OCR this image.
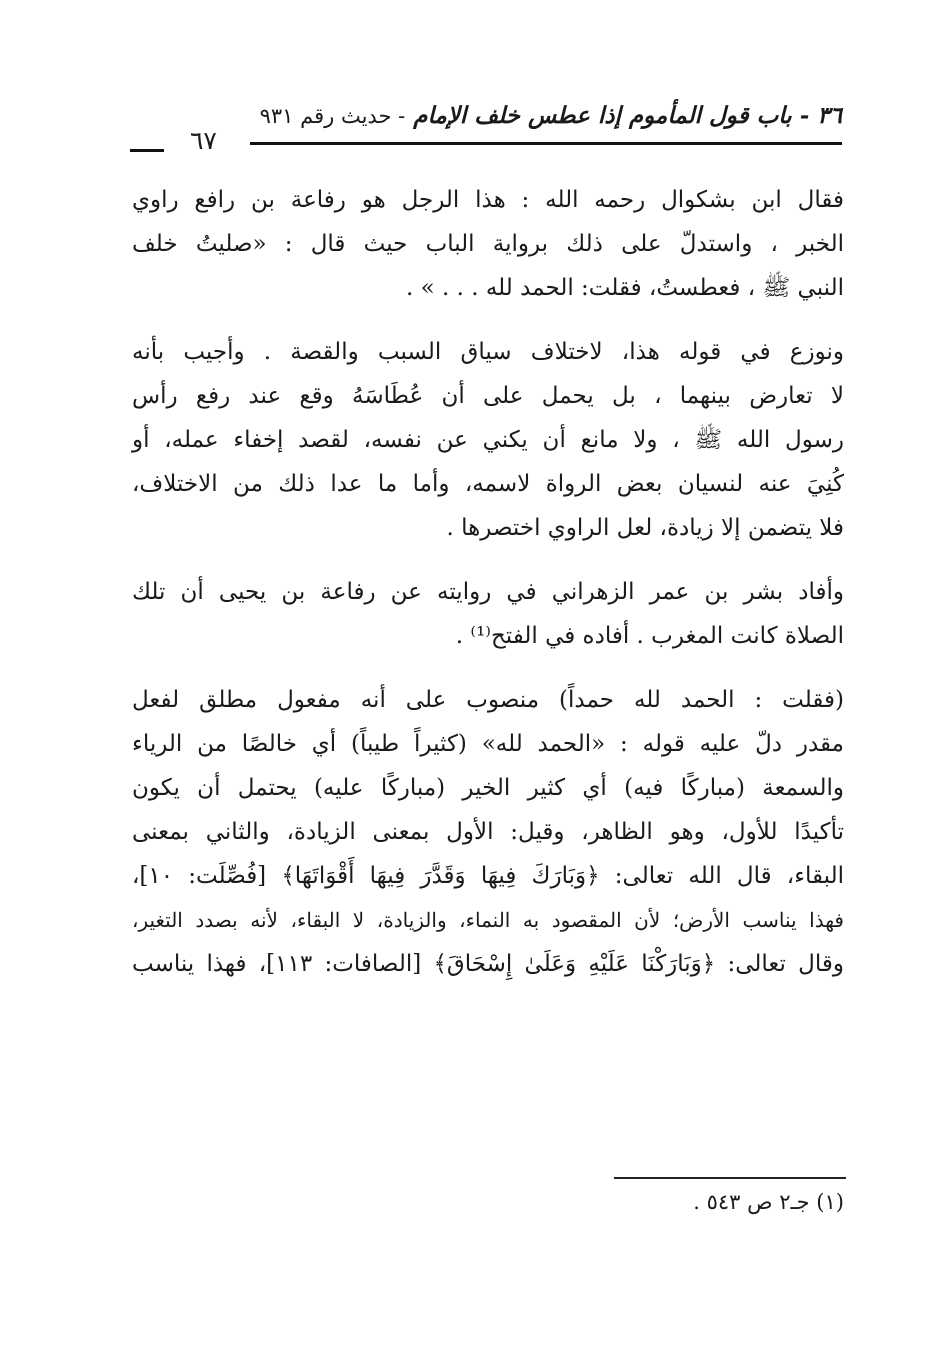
٣٦ - باب قول المأموم إذا عطس خلف الإمام - حديث رقم ٩٣١
٦٧

فقال ابن بشكوال رحمه الله : هذا الرجل هو رفاعة بن رافع راوي
الخبر ، واستدلّ على ذلك برواية الباب حيث قال : «صليتُ خلف
النبي ﷺ ، فعطستُ، فقلت: الحمد لله . . . » .

ونوزع في قوله هذا، لاختلاف سياق السبب والقصة . وأجيب بأنه
لا تعارض بينهما ، بل يحمل على أن عُطَاسَهُ وقع عند رفع رأس
رسول الله ﷺ ، ولا مانع أن يكني عن نفسه، لقصد إخفاء عمله، أو
كُنِيَ عنه لنسيان بعض الرواة لاسمه، وأما ما عدا ذلك من الاختلاف،
فلا يتضمن إلا زيادة، لعل الراوي اختصرها .

وأفاد بشر بن عمر الزهراني في روايته عن رفاعة بن يحيى أن تلك
الصلاة كانت المغرب . أفاده في الفتح⁽¹⁾ .

(فقلت : الحمد لله حمداً) منصوب على أنه مفعول مطلق لفعل
مقدر دلّ عليه قوله : «الحمد لله» (كثيراً طيباً) أي خالصًا من الرياء
والسمعة (مباركًا فيه) أي كثير الخير (مباركًا عليه) يحتمل أن يكون
تأكيدًا للأول، وهو الظاهر، وقيل: الأول بمعنى الزيادة، والثاني بمعنى
البقاء، قال الله تعالى: ﴿وَبَارَكَ فِيهَا وَقَدَّرَ فِيهَا أَقْوَاتَهَا﴾ [فُصِّلَت: ١٠]،
فهذا يناسب الأرض؛ لأن المقصود به النماء، والزيادة، لا البقاء، لأنه بصدد التغير،
وقال تعالى: ﴿وَبَارَكْنَا عَلَيْهِ وَعَلَىٰ إِسْحَاقَ﴾ [الصافات: ١١٣]، فهذا يناسب

(١) جـ٢ ص ٥٤٣ .
